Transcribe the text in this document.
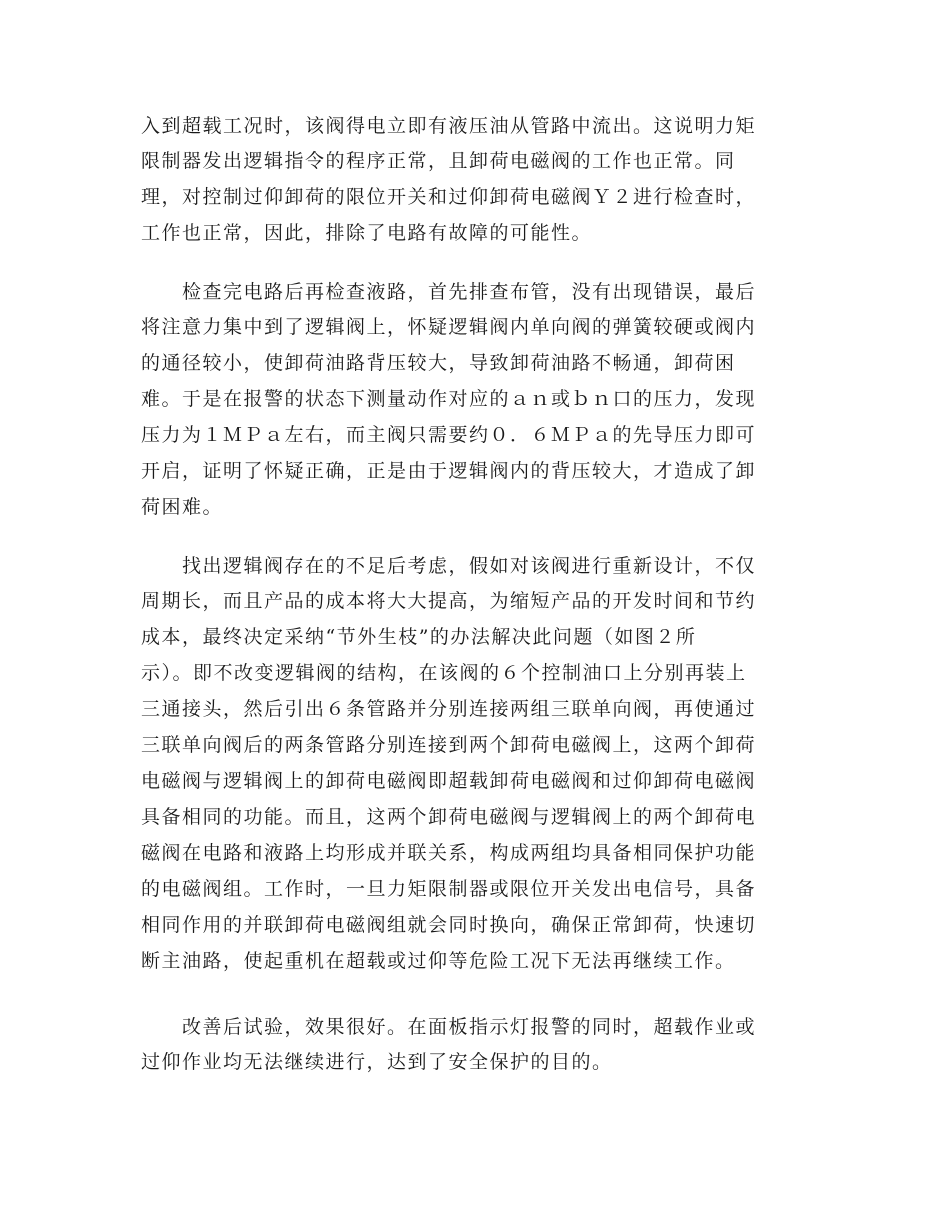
入到超载工况时，该阀得电立即有液压油从管路中流出。这说明力矩
限制器发出逻辑指令的程序正常，且卸荷电磁阀的工作也正常。同
理，对控制过仰卸荷的限位开关和过仰卸荷电磁阀Ｙ２进行检查时，
工作也正常，因此，排除了电路有故障的可能性。
　　检查完电路后再检查液路，首先排查布管，没有出现错误，最后
将注意力集中到了逻辑阀上，怀疑逻辑阀内单向阀的弹簧较硬或阀内
的通径较小，使卸荷油路背压较大，导致卸荷油路不畅通，卸荷困
难。于是在报警的状态下测量动作对应的ａｎ或ｂｎ口的压力，发现
压力为１ＭＰａ左右，而主阀只需要约０．６ＭＰａ的先导压力即可
开启，证明了怀疑正确，正是由于逻辑阀内的背压较大，才造成了卸
荷困难。
　　找出逻辑阀存在的不足后考虑，假如对该阀进行重新设计，不仅
周期长，而且产品的成本将大大提高，为缩短产品的开发时间和节约
成本，最终决定采纳“节外生枝”的办法解决此问题（如图２所
示）。即不改变逻辑阀的结构，在该阀的６个控制油口上分别再装上
三通接头，然后引出６条管路并分别连接两组三联单向阀，再使通过
三联单向阀后的两条管路分别连接到两个卸荷电磁阀上，这两个卸荷
电磁阀与逻辑阀上的卸荷电磁阀即超载卸荷电磁阀和过仰卸荷电磁阀
具备相同的功能。而且，这两个卸荷电磁阀与逻辑阀上的两个卸荷电
磁阀在电路和液路上均形成并联关系，构成两组均具备相同保护功能
的电磁阀组。工作时，一旦力矩限制器或限位开关发出电信号，具备
相同作用的并联卸荷电磁阀组就会同时换向，确保正常卸荷，快速切
断主油路，使起重机在超载或过仰等危险工况下无法再继续工作。
　　改善后试验，效果很好。在面板指示灯报警的同时，超载作业或
过仰作业均无法继续进行，达到了安全保护的目的。
